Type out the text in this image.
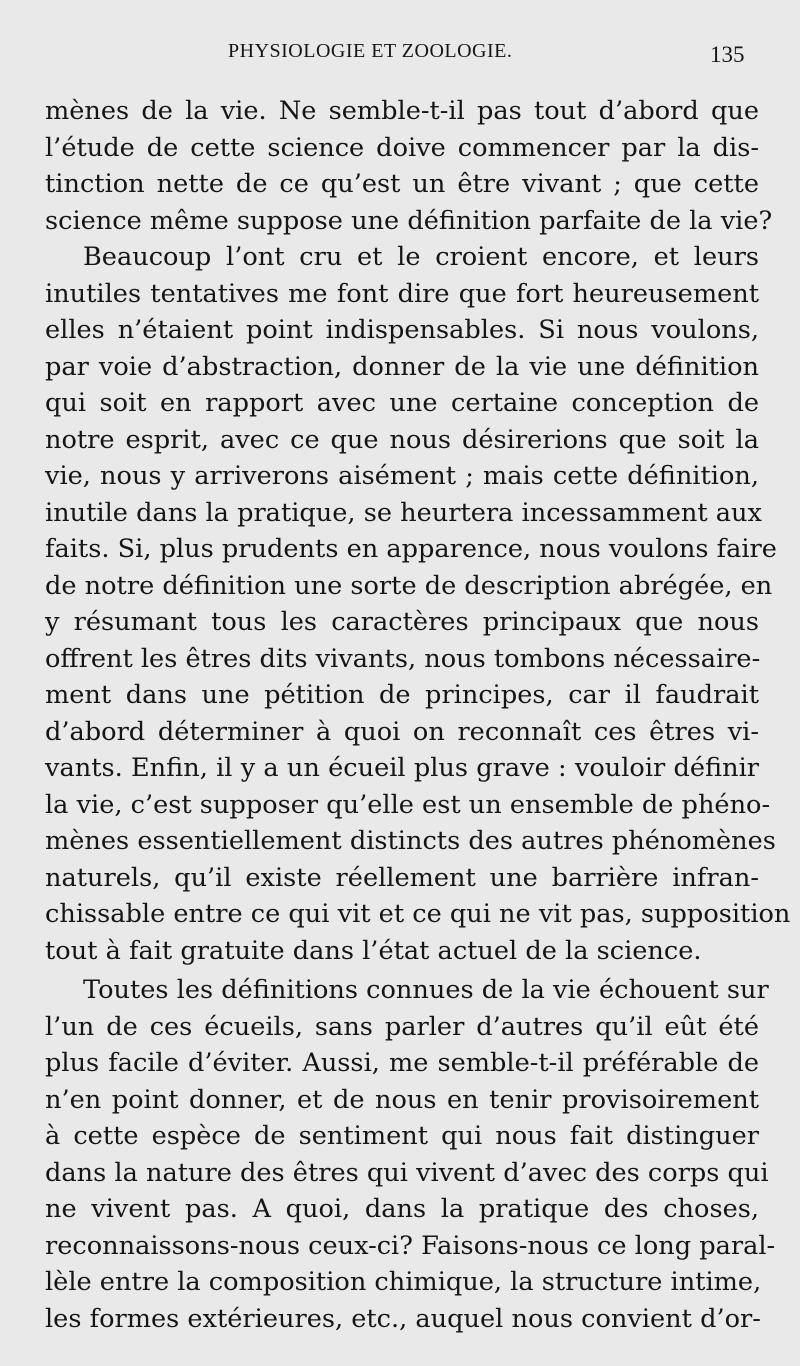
PHYSIOLOGIE ET ZOOLOGIE.	135
mènes de la vie. Ne semble-t-il pas tout d’abord que
l’étude de cette science doive commencer par la dis-
tinction nette de ce qu’est un être vivant ; que cette
science même suppose une définition parfaite de la vie?
Beaucoup l’ont cru et le croient encore, et leurs
inutiles tentatives me font dire que fort heureusement
elles n’étaient point indispensables. Si nous voulons,
par voie d’abstraction, donner de la vie une définition
qui soit en rapport avec une certaine conception de
notre esprit, avec ce que nous désirerions que soit la
vie, nous y arriverons aisément ; mais cette définition,
inutile dans la pratique, se heurtera incessamment aux
faits. Si, plus prudents en apparence, nous voulons faire
de notre définition une sorte de description abrégée, en
y résumant tous les caractères principaux que nous
offrent les êtres dits vivants, nous tombons nécessaire-
ment dans une pétition de principes, car il faudrait
d’abord déterminer à quoi on reconnaît ces êtres vi-
vants. Enfin, il y a un écueil plus grave : vouloir définir
la vie, c’est supposer qu’elle est un ensemble de phéno-
mènes essentiellement distincts des autres phénomènes
naturels, qu’il existe réellement une barrière infran-
chissable entre ce qui vit et ce qui ne vit pas, supposition
tout à fait gratuite dans l’état actuel de la science.
Toutes les définitions connues de la vie échouent sur
l’un de ces écueils, sans parler d’autres qu’il eût été
plus facile d’éviter. Aussi, me semble-t-il préférable de
n’en point donner, et de nous en tenir provisoirement
à cette espèce de sentiment qui nous fait distinguer
dans la nature des êtres qui vivent d’avec des corps qui
ne vivent pas. A quoi, dans la pratique des choses,
reconnaissons-nous ceux-ci? Faisons-nous ce long paral-
lèle entre la composition chimique, la structure intime,
les formes extérieures, etc., auquel nous convient d’or-
